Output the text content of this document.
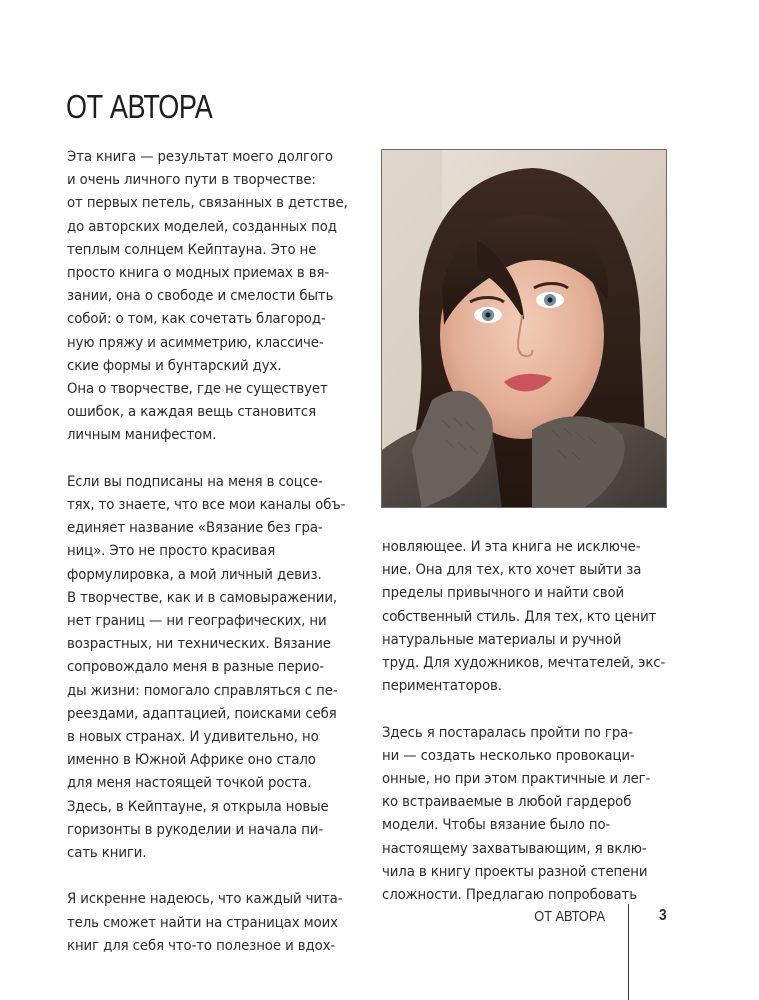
ОТ АВТОРА

Эта книга — результат моего долгого
и очень личного пути в творчестве:
от первых петель, связанных в детстве,
до авторских моделей, созданных под
теплым солнцем Кейптауна. Это не
просто книга о модных приемах в вя-
зании, она о свободе и смелости быть
собой: о том, как сочетать благород-
ную пряжу и асимметрию, классиче-
ские формы и бунтарский дух.
Она о творчестве, где не существует
ошибок, а каждая вещь становится
личным манифестом.

Если вы подписаны на меня в соцсе-
тях, то знаете, что все мои каналы объ-
единяет название «Вязание без гра-
ниц». Это не просто красивая
формулировка, а мой личный девиз.
В творчестве, как и в самовыражении,
нет границ — ни географических, ни
возрастных, ни технических. Вязание
сопровождало меня в разные перио-
ды жизни: помогало справляться с пе-
реездами, адаптацией, поисками себя
в новых странах. И удивительно, но
именно в Южной Африке оно стало
для меня настоящей точкой роста.
Здесь, в Кейптауне, я открыла новые
горизонты в рукоделии и начала пи-
сать книги.

Я искренне надеюсь, что каждый чита-
тель сможет найти на страницах моих
книг для себя что-то полезное и вдох-

новляющее. И эта книга не исключе-
ние. Она для тех, кто хочет выйти за
пределы привычного и найти свой
собственный стиль. Для тех, кто ценит
натуральные материалы и ручной
труд. Для художников, мечтателей, экс-
периментаторов.

Здесь я постаралась пройти по гра-
ни — создать несколько провокаци-
онные, но при этом практичные и лег-
ко встраиваемые в любой гардероб
модели. Чтобы вязание было по-
настоящему захватывающим, я вклю-
чила в книгу проекты разной степени
сложности. Предлагаю попробовать

ОТ АВТОРА	3
